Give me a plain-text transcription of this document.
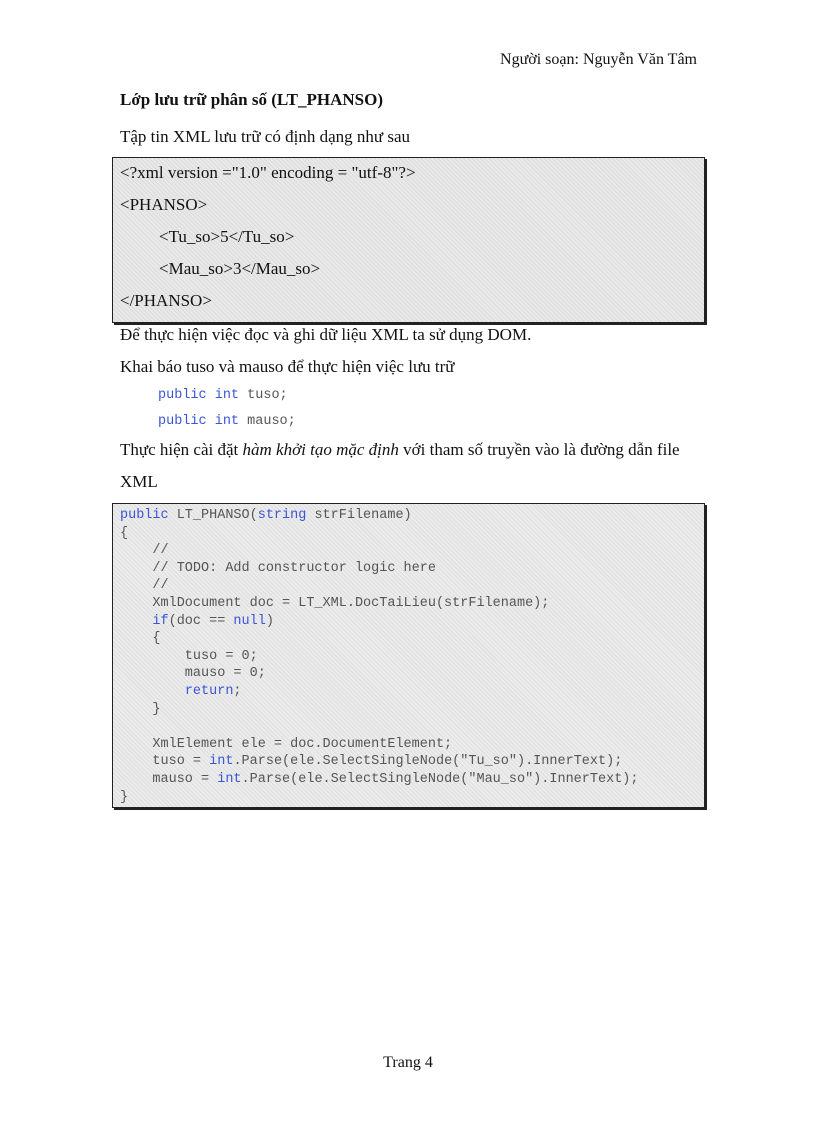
Người soạn: Nguyễn Văn Tâm
Lớp lưu trữ phân số (LT_PHANSO)
Tập tin XML lưu trữ có định dạng như sau
<?xml version ="1.0" encoding = "utf-8"?>
<PHANSO>
<Tu_so>5</Tu_so>
<Mau_so>3</Mau_so>
</PHANSO>
Để thực hiện việc đọc và ghi dữ liệu XML ta sử dụng DOM.
Khai báo tuso và mauso để thực hiện việc lưu trữ
public int tuso;
public int mauso;
Thực hiện cài đặt hàm khởi tạo mặc định với tham số truyền vào là đường dẫn file
XML
public LT_PHANSO(string strFilename)
{
//
// TODO: Add constructor logic here
//
XmlDocument doc = LT_XML.DocTaiLieu(strFilename);
if(doc == null)
{
tuso = 0;
mauso = 0;
return;
}
XmlElement ele = doc.DocumentElement;
tuso = int.Parse(ele.SelectSingleNode("Tu_so").InnerText);
mauso = int.Parse(ele.SelectSingleNode("Mau_so").InnerText);
}
Trang 4
